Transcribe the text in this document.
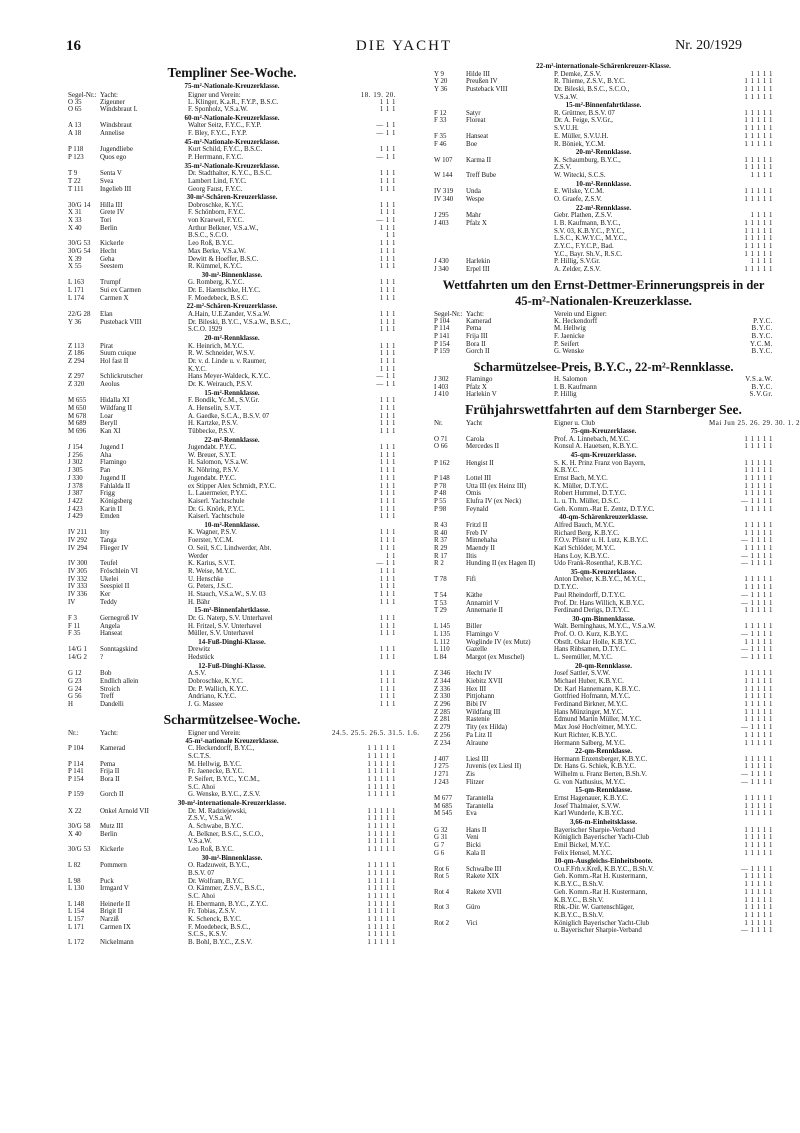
16	DIE YACHT	Nr. 20/1929
Templiner See-Woche.
75-m²-Nationale-Kreuzerklasse.
Segel-Nr.: Yacht:	Eigner und Verein:	18. 19. 20.
O 35	Zigeuner	L. Klinger, K.a.R., F.Y.P., B.S.C.	1 1 1
O 65	Windsbraut I.	F. Sponholz, V.S.a.W.	1 1 1
60-m²-Nationale-Kreuzerklasse.
A 13	Windsbraut	Walter Seitz, F.Y.C., F.Y.P.	— 1 1
A 18	Annelise	F. Bley, F.Y.C., F.Y.P.	— 1 1
45-m²-Nationale-Kreuzerklasse.
P 118	Jugendliebe	Kurt Schild, F.Y.C., B.S.C.	1 1 1
P 123	Quos ego	P. Herrmann, F.Y.C.	— 1 1
35-m²-Nationale-Kreuzerklasse.
T 9	Senta V	Dr. Stadthalter, K.Y.C., B.S.C.	1 1 1
T 22	Svea	Lambert Lind, F.Y.C.	1 1 1
T 111	Ingelieb III	Georg Faust, F.Y.C.	1 1 1
30-m²-Schären-Kreuzerklasse.
30/G 14	Hilla III	Dobroschke, K.Y.C.	1 1 1
X 31	Grete IV	F. Schönborn, F.Y.C.	1 1 1
X 33	Tori	von Kraewel, F.Y.C.	— 1 1
X 40	Berlin	Arthur Belkner, V.S.a.W.,	1 1 1
B.S.C., S.C.O.	1 1
30/G 53	Kickerle	Leo Roß, B.Y.C.	1 1 1
30/G 54	Hecht	Max Berke, V.S.a.W.	1 1 1
X 39	Geha	Dewitt & Hoeffer, B.S.C.	1 1 1
X 55	Seestern	R. Kümmel, K.Y.C.	1 1 1
30-m²-Binnenklasse.
L 163	Trumpf	G. Romberg, K.Y.C.	1 1 1
L 171	Sui ex Carmen	Dr. E. Haentschke, H.Y.C.	1 1 1
L 174	Carmen X	F. Moedebeck, B.S.C.	1 1 1
22-m²-Schären-Kreuzerklasse.
22/G 28	Elan	A.Hain, U.E.Zander, V.S.a.W.	1 1 1
Y 36	Pusteback VIII	Dr. Bileski, B.Y.C., V.S.a.W., B.S.C.,	1 1 1
S.C.O. 1929	1 1 1
20-m²-Rennklasse.
Z 113	Pirat	K. Heinrich, M.Y.C.	1 1 1
Z 186	Suum cuique	R. W. Schneider, W.S.V.	1 1 1
Z 294	Hol fast II	Dr. v. d. Linde u. v. Raumer,	1 1 1
K.Y.C.	1 1 1
Z 297	Schlickrutscher	Hans Meyer-Waldeck, K.Y.C.	— 1 1
Z 320	Aeolus	Dr. K. Weirauch, P.S.V.	— 1 1
15-m²-Rennklasse.
M 655	Hidalla XI	F. Bondik, Yc.M., S.V.Gr.	1 1 1
M 650	Wildfang II	A. Henselin, S.V.T.	1 1 1
M 678	Loar	A. Gaedke, S.C.A., B.S.V. 07	1 1 1
M 689	Beryll	H. Kartzke, P.S.V.	1 1 1
M 696	Kan XI	Tübbecke, P.S.V.	1 1 1
22-m²-Rennklasse.
J 154	Jugend I	Jugendabt. P.Y.C.	1 1 1
J 256	Aha	W. Breuer, S.Y.T.	1 1 1
J 302	Flamingo	H. Salomon, V.S.a.W.	1 1 1
J 305	Pan	K. Nöhring, P.S.V.	1 1 1
J 330	Jugend II	Jugendabt. P.Y.C.	1 1 1
J 378	Fahlalda II	ex Stipper Alex Schmidt, P.Y.C.	1 1 1
J 387	Frigg	L. Lauermeier, P.Y.C.	1 1 1
J 422	Königsberg	Kaiserl. Yachtschule	1 1 1
J 423	Karin II	Dr. G. Knörk, P.Y.C.	1 1 1
J 429	Emden	Kaiserl. Yachtschule	1 1 1
10-m²-Rennklasse.
IV 211	Itty	K. Wagner, P.S.V.	1 1 1
IV 292	Tanga	Foerster, Y.C.M.	1 1 1
IV 294	Flieger IV	O. Seil, S.C. Lindwerder, Abt.	1 1 1
Werder	1 1
IV 300	Teufel	K. Karius, S.V.T.	— 1 1
IV 305	Fröschlein VI	R. Weise, M.Y.C.	1 1 1
IV 332	Ukelei	U. Henschke	1 1 1
IV 333	Seespiel II	G. Peters, J.S.C.	1 1 1
IV 336	Ker	H. Stauch, V.S.a.W., S.V. 03	1 1 1
IV	Teddy	H. Bähr	1 1 1
15-m²-Binnenfahrtklasse.
F 3	Gernegroß IV	Dr. G. Naterp, S.V. Unterhavel	1 1 1
F 11	Angela	H. Fritzel, S.V. Unterhavel	1 1 1
F 35	Hanseat	Müller, S.V. Unterhavel	1 1 1
14-Fuß-Dinghi-Klasse.
14/G 1	Sonntagskind	Drewitz	1 1 1
14/G 2	?	Hedstück	1 1 1
12-Fuß-Dinghi-Klasse.
G 12	Bob	A.S.V.	1 1 1
G 23	Endlich allein	Dobroschke, K.Y.C.	1 1 1
G 24	Stroich	Dr. P. Wallich, K.Y.C.	1 1 1
G 56	Treff	Andriano, K.Y.C.	1 1 1
H	Dandelli	J. G. Massee	1 1 1
Scharmützelsee-Woche.
Nr.:	Yacht:	Eigner und Verein:	24.5. 25.5. 26.5. 31.5. 1.6.
45-m²-nationale Kreuzerklasse.
P 104	Kamerad	C. Heckendorff, B.Y.C.,	1 1 1 1 1
S.C.T.S.	1 1 1 1 1
P 114	Pema	M. Hellwig, B.Y.C.	1 1 1 1 1
P 141	Frija II	Fr. Jaenecke, B.Y.C.	1 1 1 1 1
P 154	Bora II	P. Seifert, B.Y.C., Y.C.M.,	1 1 1 1 1
S.C. Ahoi	1 1 1 1 1
P 159	Gorch II	G. Wenske, B.Y.C., Z.S.V.	1 1 1 1 1
30-m²-internationale-Kreuzerklasse.
X 22	Onkel Arnold VII	Dr. M. Radziejewski,	1 1 1 1 1
Z.S.V., V.S.a.W.	1 1 1 1 1
30/G 58	Mutz III	A. Schwabe, B.Y.C.	1 1 1 1 1
X 40	Berlin	A. Belkner, B.S.C., S.C.O.,	1 1 1 1 1
V.S.a.W.	1 1 1 1 1
30/G 53	Kickerle	Leo Roß, B.Y.C.	1 1 1 1 1
30-m²-Binnenklasse.
L 82	Pommern	O. Radzuweit, B.Y.C.,	1 1 1 1 1
B.S.V. 07	1 1 1 1 1
L 98	Puck	Dr. Wolfram, B.Y.C.	1 1 1 1 1
L 130	Irmgard V	O. Kämmer, Z.S.V., B.S.C.,	1 1 1 1 1
S.C. Ahoi	1 1 1 1 1
L 148	Heinerle II	H. Ebermann, B.Y.C., Z.Y.C.	1 1 1 1 1
L 154	Brigit II	Fr. Tobias, Z.S.V.	1 1 1 1 1
L 157	Narziß	K. Schenck, B.Y.C.	1 1 1 1 1
L 171	Carmen IX	F. Moedebeck, B.S.C.,	1 1 1 1 1
S.C.S., K.S.V.	1 1 1 1 1
L 172	Nickelmann	B. Bohl, B.Y.C., Z.S.V.	1 1 1 1 1
22-m²-internationale-Schärenkreuzer-Klasse.
Y 9	Hilde III	P. Demke, Z.S.V.	1 1 1 1
Y 20	Preußen IV	R. Thieme, Z.S.V., B.Y.C.	1 1 1 1 1
Y 36	Pusteback VIII	Dr. Bileski, B.S.C., S.C.O.,	1 1 1 1 1
V.S.a.W.	1 1 1 1 1
15-m²-Binnenfahrtklasse.
F 12	Satyr	R. Grüttner, B.S.V. 07	1 1 1 1 1
F 33	Floreat	Dr. A. Feige, S.V.Gr.,	1 1 1 1 1
S.V.U.H.	1 1 1 1 1
F 35	Hanseat	E. Müller, S.V.U.H.	1 1 1 1 1
F 46	Boe	R. Böniek, Y.C.M.	1 1 1 1 1
20-m²-Rennklasse.
W 107	Karma II	K. Schaumburg, B.Y.C.,	1 1 1 1 1
Z.S.V.	1 1 1 1 1
W 144	Treff Bube	W. Witecki, S.C.S.	1 1 1 1
10-m²-Rennklasse.
IV 319	Unda	E. Wilske, Y.C.M.	1 1 1 1 1
IV 340	Wespe	O. Graefe, Z.S.V.	1 1 1 1 1
22-m²-Rennklasse.
J 295	Mahr	Gebr. Plathen, Z.S.V.	1 1 1 1
J 403	Pfalz X	I. B. Kaufmann, B.Y.C.,	1 1 1 1 1
S.V. 03, K.B.Y.C., P.Y.C.,	1 1 1 1 1
L.S.C., K.W.Y.C., M.Y.C.,	1 1 1 1 1
Z.Y.C., F.Y.C.P., Bad.	1 1 1 1 1
Y.C., Bayr. Sh.V., R.S.C.	1 1 1 1 1
J 430	Harlekin	P. Hillig, S.V.Gr.	1 1 1 1
J 340	Erpel III	A. Zelder, Z.S.V.	1 1 1 1 1
Wettfahrten um den Ernst-Dettmer-Erinnerungspreis in der 45-m²-Nationalen-Kreuzerklasse.
Segel-Nr.: Yacht:	Verein und Eigner:
P 104	Kamerad	K. Heckendorff	P.Y.C.
P 114	Pema	M. Hellwig	B.Y.C.
P 141	Frija III	F. Jaenicke	B.Y.C.
P 154	Bora II	P. Seifert	Y.C.M.
P 159	Gorch II	G. Wenske	B.Y.C.
Scharmützelsee-Preis, B.Y.C., 22-m²-Rennklasse.
J 302	Flamingo	H. Salomon	V.S.a.W.
I 403	Pfalz X	I. B. Kaufmann	B.Y.C.
J 410	Harlekin V	P. Hillig	S.V.Gr.
Frühjahrswettfahrten auf dem Starnberger See.
Nr.	Yacht	Eigner u. Club	Mai Jun 25. 26. 29. 30. 1. 2
75-qm-Kreuzerklasse.
O 71	Carola	Prof. A. Linnebach, M.Y.C.	1 1 1 1 1
O 66	Mercedes II	Konsul A. Hauetsen, K.B.Y.C.	1 1 1 1 1
45-qm-Kreuzerklasse.
P 162	Hengist II	S. K. H. Prinz Franz von Bayern,	1 1 1 1 1
K.B.Y.C.	1 1 1 1 1
P 148	Lottel III	Ernst Bach, M.Y.C.	1 1 1 1 1
P 78	Utta III (ex Heinz III)	K. Müller, D.T.Y.C.	1 1 1 1 1
P 48	Omis	Robert Hummel, D.T.Y.C.	1 1 1 1 1
P 55	Elufra IV (ex Neck)	L. u. Th. Müller, D.S.C.	— 1 1 1 1
P 98	Feynald	Geh. Komm.-Rat E. Zentz, D.T.Y.C.	1 1 1 1 1
40-qm-Schärenkreuzerklasse.
R 43	Fritzl II	Alfred Bauch, M.Y.C.	1 1 1 1 1
R 40	Freb IV	Richard Berg, K.B.Y.C.	1 1 1 1 1
R 37	Minnehaha	F.O.v. Pfister u. H. Lutz, K.B.Y.C.	— 1 1 1 1
R 29	Maendy II	Karl Schlöder, M.Y.C.	1 1 1 1 1
R 17	Iltis	Hans Loy, K.B.Y.C.	— 1 1 1 1
R 2	Hunding II (ex Hagen II)	Udo Frank-Rosentha!, K.B.Y.C.	— 1 1 1 1
35-qm-Kreuzerklasse.
T 78	Fifi	Anton Dreher, K.B.Y.C., M.Y.C.,	1 1 1 1 1
D.T.Y.C.	1 1 1 1 1
T 54	Käthe	Paul Rheindorff, D.T.Y.C.	— 1 1 1 1
T 53	Annamirl V	Prof. Dr. Hans Willich, K.B.Y.C.	— 1 1 1 1
T 29	Annemarie II	Ferdinand Derigs, D.T.Y.C.	1 1 1 1 1
30-qm-Binnenklasse.
L 145	Biller	Walt. Berninghaus, M.Y.C., V.S.a.W.	1 1 1 1 1
L 135	Flamingo V	Prof. O. O. Kurz, K.B.Y.C.	— 1 1 1 1
L 112	Woglinde IV (ex Mutz)	Obstlt. Oskar Holle, K.B.Y.C.	1 1 1 1 1
L 110	Gazelle	Hans Rübsamen, D.T.Y.C.	— 1 1 1 1
L 84	Margot (ex Muschel)	L. Seemüller, M.Y.C.	— 1 1 1 1
20-qm-Rennklasse.
Z 346	Hecht IV	Josef Sattler, S.V.W.	1 1 1 1 1
Z 344	Kiebitz XVII	Michael Huber, K.B.Y.C.	1 1 1 1 1
Z 336	Hex III	Dr. Karl Hannemann, K.B.Y.C.	1 1 1 1 1
Z 330	Pittjohann	Gottfried Hofmann, M.Y.C.	1 1 1 1 1
Z 296	Bibi IV	Ferdinand Birkner, M.Y.C.	1 1 1 1 1
Z 285	Wildfang III	Hans Münzinger, M.Y.C.	1 1 1 1 1
Z 281	Rastenie	Edmund Martin Müller, M.Y.C.	1 1 1 1 1
Z 279	Tity (ex Hilda)	Max José Hoch'eitner, M.Y.C.	— 1 1 1 1
Z 256	Pa Litz II	Kurt Richter, K.B.Y.C.	1 1 1 1 1
Z 234	Alraune	Hermann Salberg, M.Y.C.	1 1 1 1 1
22-qm-Rennklasse.
J 407	Liesl III	Hermann Enzensberger, K.B.Y.C.	1 1 1 1 1
J 275	Juvenis (ex Liesl II)	Dr. Hans G. Schiek, K.B.Y.C.	1 1 1 1 1
J 271	Zis	Wilhelm u. Franz Berten, B.Sh.V.	— 1 1 1 1
J 243	Flitzer	G. von Nathusius, M.Y.C.	— 1 1 1 1
15-qm-Rennklasse.
M 677	Tarantella	Ernst Hagenauer, K.B.Y.C.	1 1 1 1 1
M 685	Tarantella	Josef Thalmaier, S.V.W.	1 1 1 1 1
M 545	Eva	Karl Wunderle, K.B.Y.C.	1 1 1 1 1
3,66-m-Einheitsklasse.
G 32	Hans II	Bayerischer Sharpie-Verband	1 1 1 1 1
G 31	Veni	Königlich Bayerischer Yacht-Club	1 1 1 1 1
G 7	Bicki	Emil Bickel, M.Y.C.	1 1 1 1 1
G 6	Kala II	Felix Hensel, M.Y.C.	1 1 1 1 1
10-qm-Ausgleichs-Einheitsboote.
Rot 6	Schwalbe III	O.u.F.Frh.v.Kreß, K.B.Y.C., B.Sh.V.	— 1 1 1 1
Rot 5	Rakete XIX	Geh. Komm.-Rat H. Kustermann,	1 1 1 1 1
K.B.Y.C., B.Sh.V.	1 1 1 1 1
Rot 4	Rakete XVII	Geh. Komm.-Rat H. Kustermann,	1 1 1 1 1
K.B.Y.C., B.Sh.V.	1 1 1 1 1
Rot 3	Güro	Rbk.-Dir. W. Gartenschläger,	1 1 1 1 1
K.B.Y.C., B.Sh.V.	1 1 1 1 1
Rot 2	Vici	Königlich Bayerischer Yacht-Club	1 1 1 1 1
u. Bayerischer Sharpie-Verband	— 1 1 1 1
